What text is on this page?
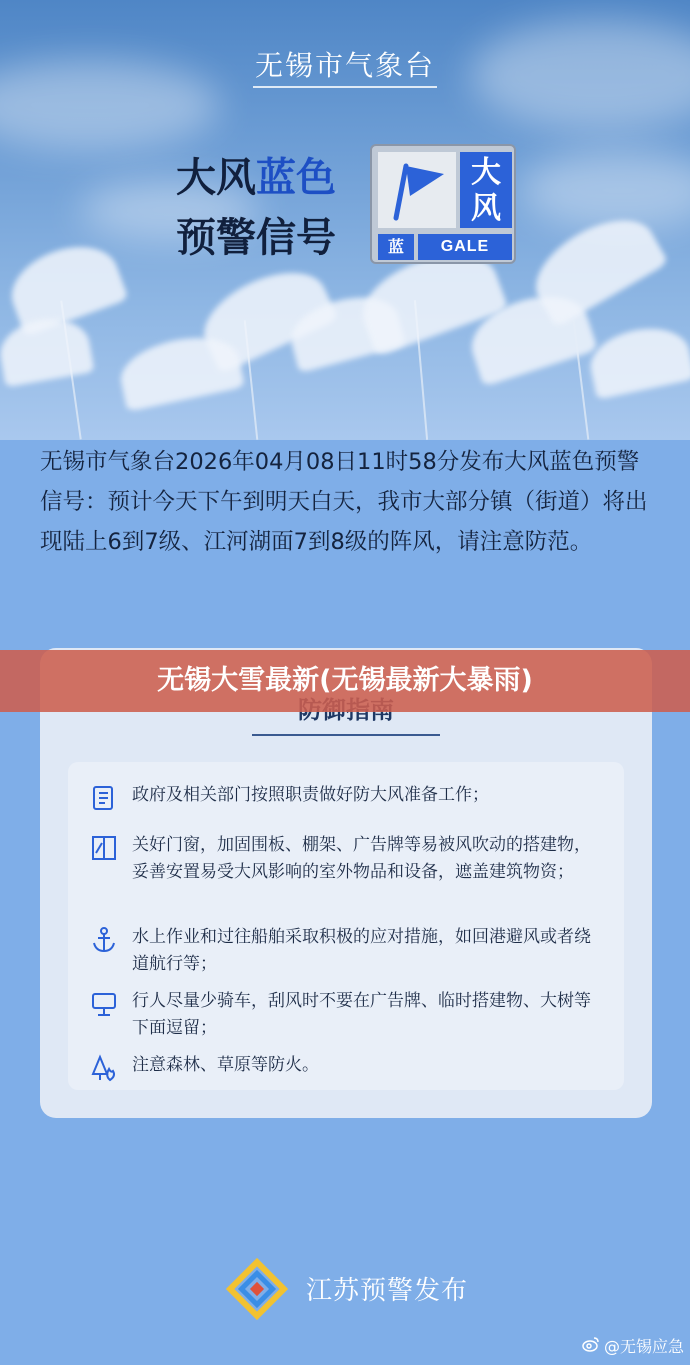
无锡市气象台
大风蓝色
预警信号
大风
蓝	GALE
无锡市气象台2026年04月08日11时58分发布大风蓝色预警信号：预计今天下午到明天白天，我市大部分镇（街道）将出现陆上6到7级、江河湖面7到8级的阵风，请注意防范。
政府及相关部门按照职责做好防大风准备工作；
关好门窗，加固围板、棚架、广告牌等易被风吹动的搭建物，妥善安置易受大风影响的室外物品和设备，遮盖建筑物资；
水上作业和过往船舶采取积极的应对措施，如回港避风或者绕道航行等；
行人尽量少骑车，刮风时不要在广告牌、临时搭建物、大树等下面逗留；
注意森林、草原等防火。
无锡大雪最新(无锡最新大暴雨)
江苏预警发布
@无锡应急
